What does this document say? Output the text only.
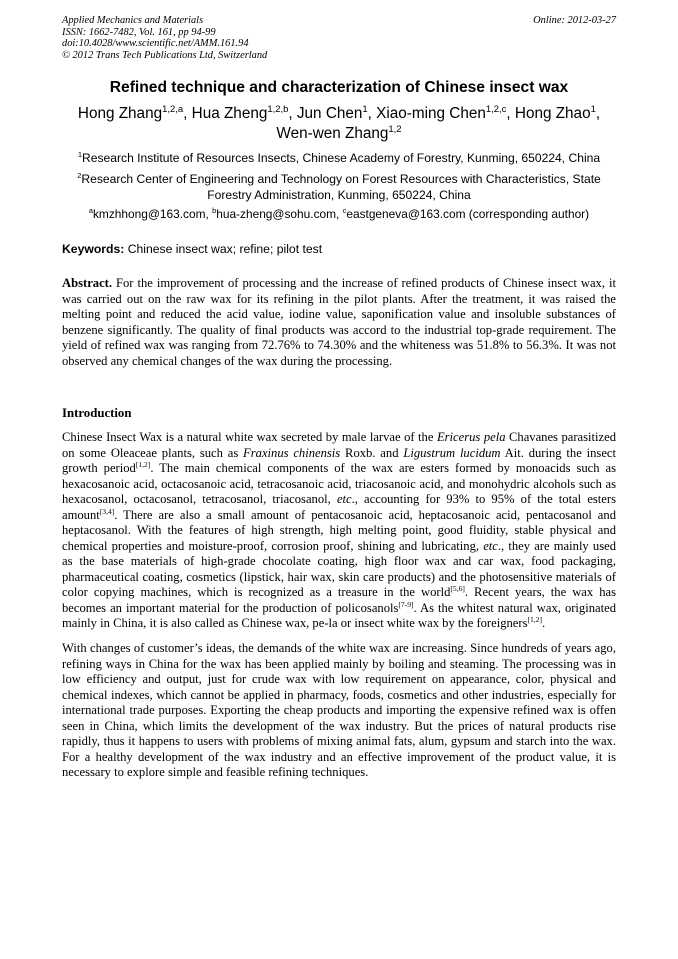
Applied Mechanics and Materials
ISSN: 1662-7482, Vol. 161, pp 94-99
doi:10.4028/www.scientific.net/AMM.161.94
© 2012 Trans Tech Publications Ltd, Switzerland
Online: 2012-03-27
Refined technique and characterization of Chinese insect wax
Hong Zhang$^{1,2,a}$, Hua Zheng$^{1,2,b}$, Jun Chen$^1$, Xiao-ming Chen$^{1,2,c}$, Hong Zhao$^1$,
Wen-wen Zhang$^{1,2}$
$^1$Research Institute of Resources Insects, Chinese Academy of Forestry, Kunming, 650224, China
$^2$Research Center of Engineering and Technology on Forest Resources with Characteristics, State
Forestry Administration, Kunming, 650224, China
$^a$kmzhhong@163.com, $^b$hua-zheng@sohu.com, $^c$eastgeneva@163.com (corresponding author)
Keywords: Chinese insect wax; refine; pilot test
Abstract. For the improvement of processing and the increase of refined products of Chinese insect wax, it was carried out on the raw wax for its refining in the pilot plants. After the treatment, it was raised the melting point and reduced the acid value, iodine value, saponification value and insoluble substances of benzene significantly. The quality of final products was accord to the industrial top-grade requirement. The yield of refined wax was ranging from 72.76% to 74.30% and the whiteness was 51.8% to 56.3%. It was not observed any chemical changes of the wax during the processing.
Introduction
Chinese Insect Wax is a natural white wax secreted by male larvae of the Ericerus pela Chavanes parasitized on some Oleaceae plants, such as Fraxinus chinensis Roxb. and Ligustrum lucidum Ait. during the insect growth period[1,2]. The main chemical components of the wax are esters formed by monoacids such as hexacosanoic acid, octacosanoic acid, tetracosanoic acid, triacosanoic acid, and monohydric alcohols such as hexacosanol, octacosanol, tetracosanol, triacosanol, etc., accounting for 93% to 95% of the total esters amount[3,4]. There are also a small amount of pentacosanoic acid, heptacosanoic acid, pentacosanol and heptacosanol. With the features of high strength, high melting point, good fluidity, stable physical and chemical properties and moisture-proof, corrosion proof, shining and lubricating, etc., they are mainly used as the base materials of high-grade chocolate coating, high floor wax and car wax, food packaging, pharmaceutical coating, cosmetics (lipstick, hair wax, skin care products) and the photosensitive materials of color copying machines, which is recognized as a treasure in the world[5,6]. Recent years, the wax has becomes an important material for the production of policosanols[7-9]. As the whitest natural wax, originated mainly in China, it is also called as Chinese wax, pe-la or insect white wax by the foreigners[1,2].
With changes of customer’s ideas, the demands of the white wax are increasing. Since hundreds of years ago, refining ways in China for the wax has been applied mainly by boiling and steaming. The processing was in low efficiency and output, just for crude wax with low requirement on appearance, color, physical and chemical indexes, which cannot be applied in pharmacy, foods, cosmetics and other industries, especially for international trade purposes. Exporting the cheap products and importing the expensive refined wax is offen seen in China, which limits the development of the wax industry. But the prices of natural products rise rapidly, thus it happens to users with problems of mixing animal fats, alum, gypsum and starch into the wax. For a healthy development of the wax industry and an effective improvement of the product value, it is necessary to explore simple and feasible refining techniques.
